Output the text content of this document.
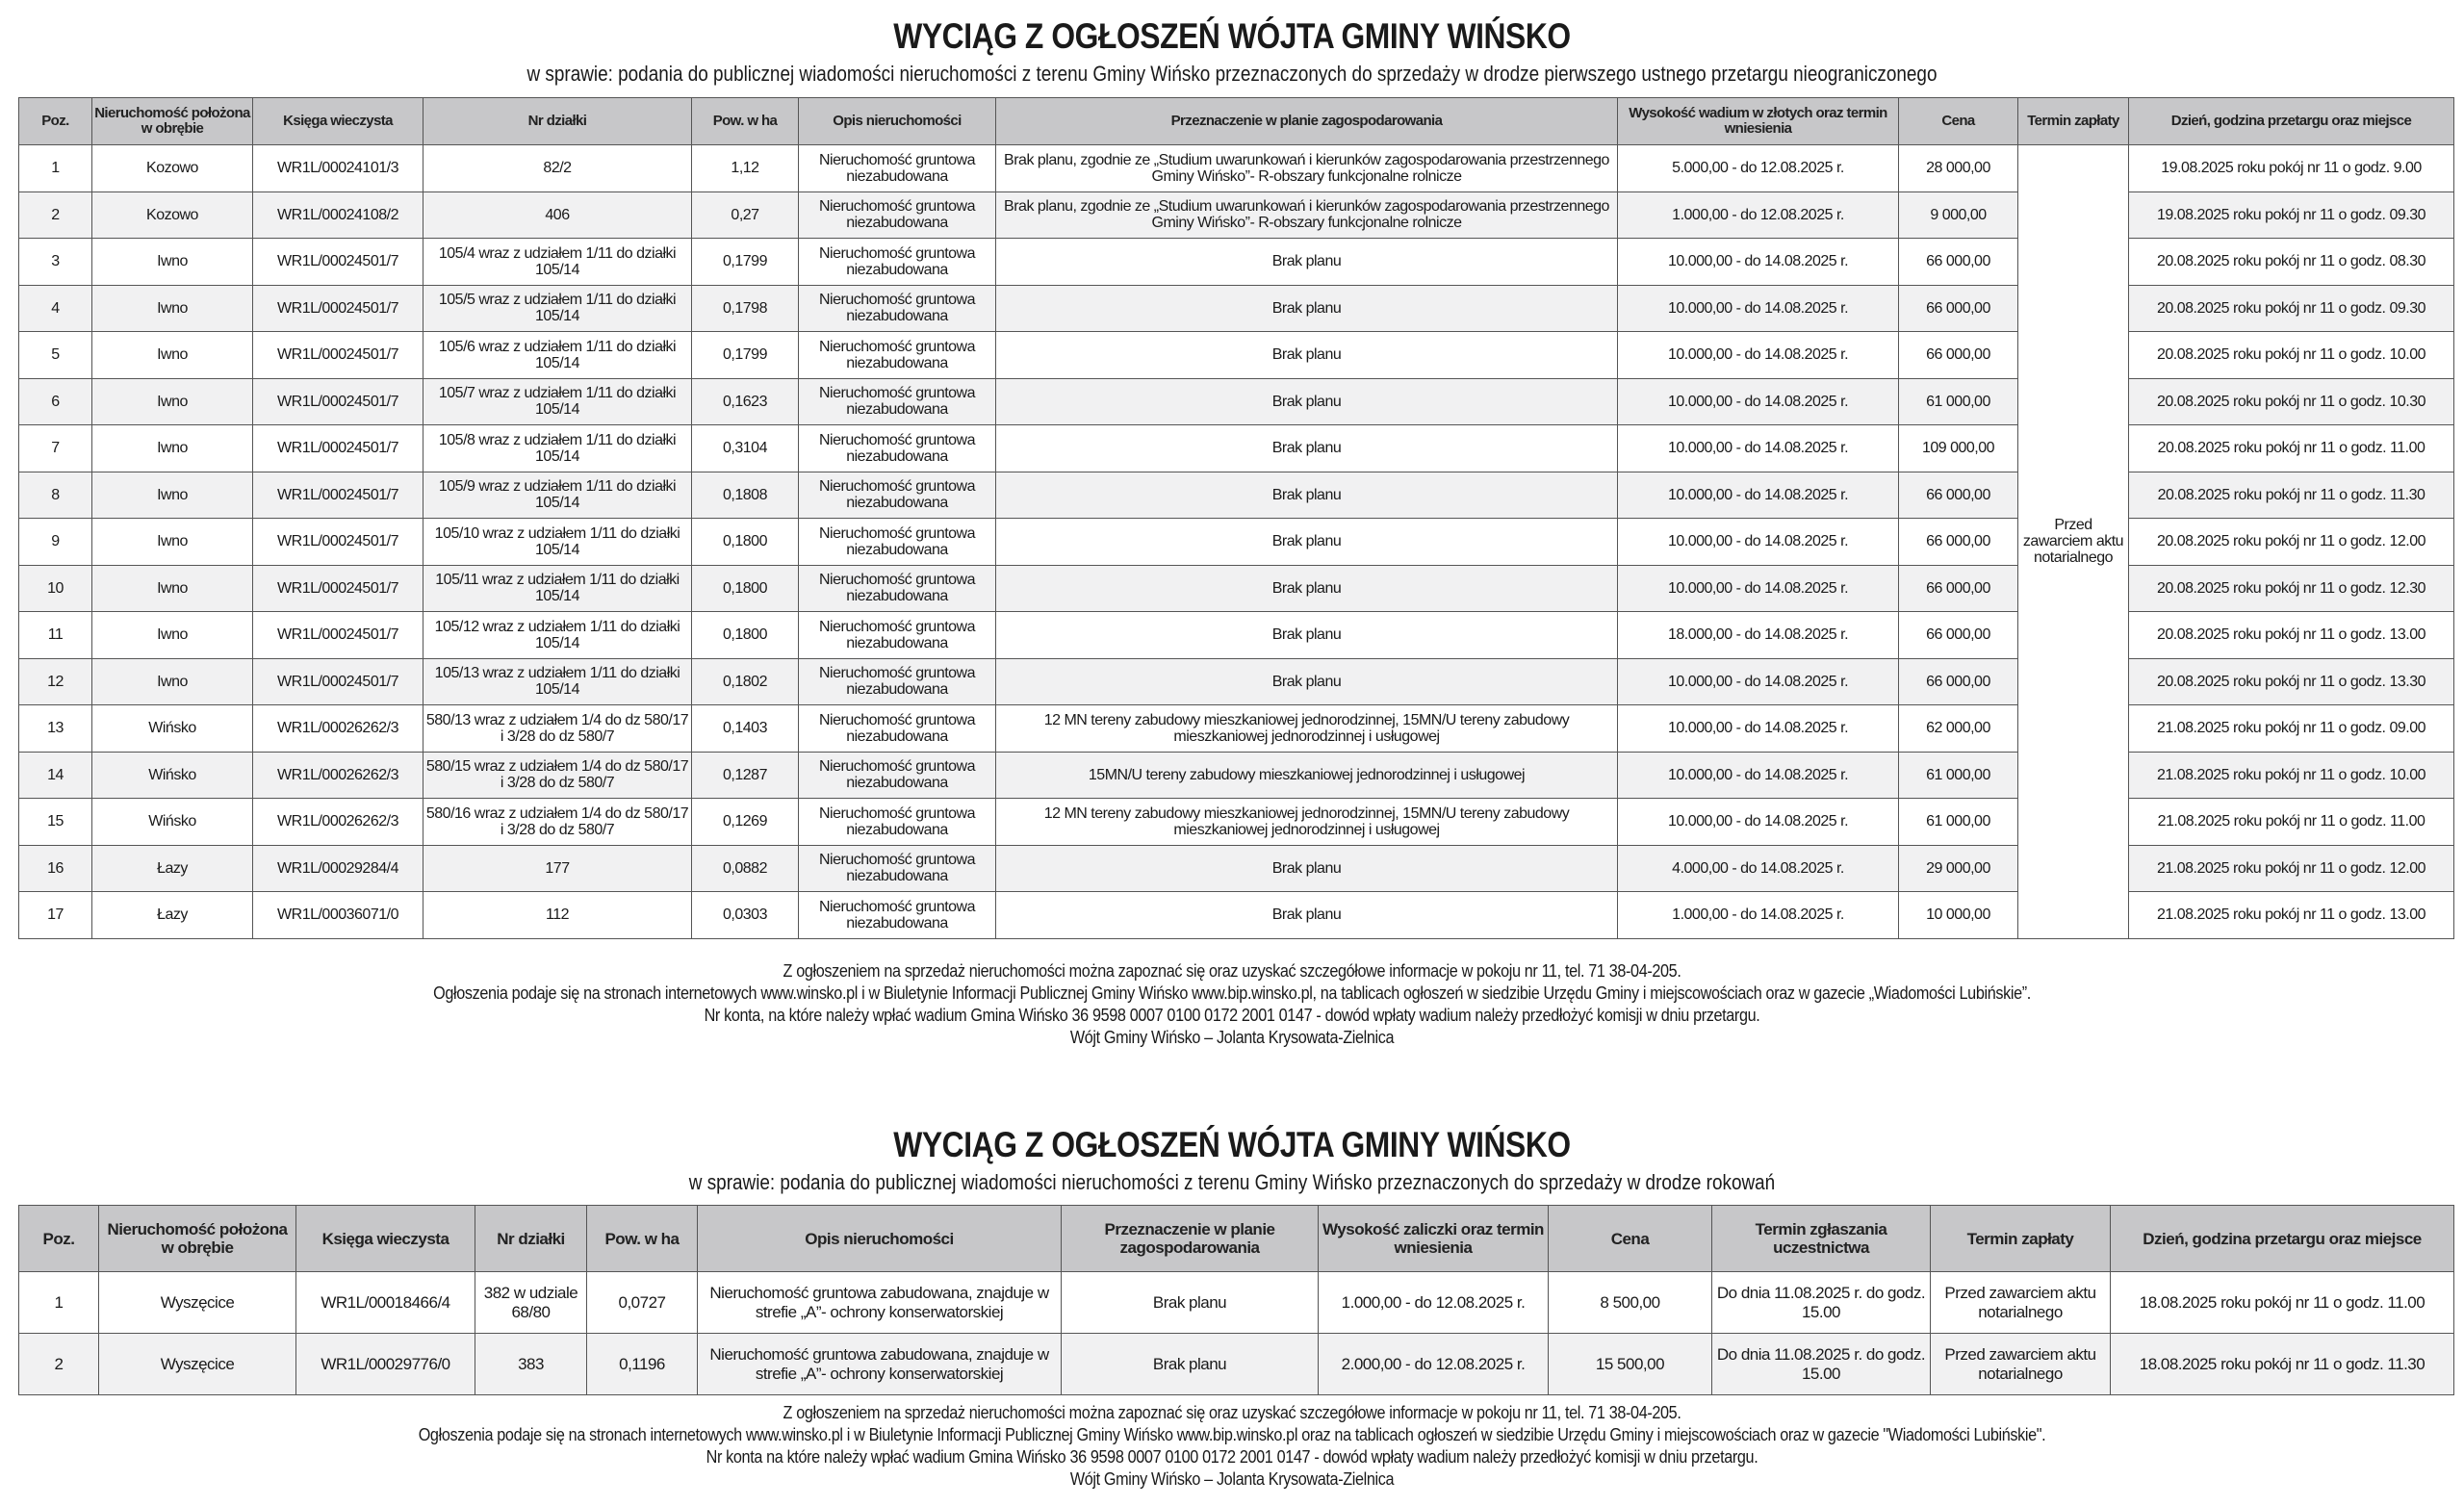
WYCIĄG Z OGŁOSZEŃ WÓJTA GMINY WIŃSKO
w sprawie: podania do publicznej wiadomości nieruchomości z terenu Gminy Wińsko przeznaczonych do sprzedaży w drodze pierwszego ustnego przetargu nieograniczonego
Poz.	Nieruchomość położona w obrębie	Księga wieczysta	Nr działki	Pow. w ha	Opis nieruchomości	Przeznaczenie w planie zagospodarowania	Wysokość wadium w złotych oraz termin wniesienia	Cena	Termin zapłaty	Dzień, godzina przetargu oraz miejsce
1	Kozowo	WR1L/00024101/3	82/2	1,12	Nieruchomość gruntowa niezabudowana	Brak planu, zgodnie ze „Studium uwarunkowań i kierunków zagospodarowania przestrzennego Gminy Wińsko”- R-obszary funkcjonalne rolnicze	5.000,00 - do 12.08.2025 r.	28 000,00	Przed zawarciem aktu notarialnego	19.08.2025 roku pokój nr 11 o godz. 9.00
2	Kozowo	WR1L/00024108/2	406	0,27	Nieruchomość gruntowa niezabudowana	Brak planu, zgodnie ze „Studium uwarunkowań i kierunków zagospodarowania przestrzennego Gminy Wińsko”- R-obszary funkcjonalne rolnicze	1.000,00 - do 12.08.2025 r.	9 000,00		19.08.2025 roku pokój nr 11 o godz. 09.30
3	Iwno	WR1L/00024501/7	105/4 wraz z udziałem 1/11 do działki 105/14	0,1799	Nieruchomość gruntowa niezabudowana	Brak planu	10.000,00 - do 14.08.2025 r.	66 000,00		20.08.2025 roku pokój nr 11 o godz. 08.30
4	Iwno	WR1L/00024501/7	105/5 wraz z udziałem 1/11 do działki 105/14	0,1798	Nieruchomość gruntowa niezabudowana	Brak planu	10.000,00 - do 14.08.2025 r.	66 000,00		20.08.2025 roku pokój nr 11 o godz. 09.30
5	Iwno	WR1L/00024501/7	105/6 wraz z udziałem 1/11 do działki 105/14	0,1799	Nieruchomość gruntowa niezabudowana	Brak planu	10.000,00 - do 14.08.2025 r.	66 000,00		20.08.2025 roku pokój nr 11 o godz. 10.00
6	Iwno	WR1L/00024501/7	105/7 wraz z udziałem 1/11 do działki 105/14	0,1623	Nieruchomość gruntowa niezabudowana	Brak planu	10.000,00 - do 14.08.2025 r.	61 000,00		20.08.2025 roku pokój nr 11 o godz. 10.30
7	Iwno	WR1L/00024501/7	105/8 wraz z udziałem 1/11 do działki 105/14	0,3104	Nieruchomość gruntowa niezabudowana	Brak planu	10.000,00 - do 14.08.2025 r.	109 000,00		20.08.2025 roku pokój nr 11 o godz. 11.00
8	Iwno	WR1L/00024501/7	105/9 wraz z udziałem 1/11 do działki 105/14	0,1808	Nieruchomość gruntowa niezabudowana	Brak planu	10.000,00 - do 14.08.2025 r.	66 000,00		20.08.2025 roku pokój nr 11 o godz. 11.30
9	Iwno	WR1L/00024501/7	105/10 wraz z udziałem 1/11 do działki 105/14	0,1800	Nieruchomość gruntowa niezabudowana	Brak planu	10.000,00 - do 14.08.2025 r.	66 000,00		20.08.2025 roku pokój nr 11 o godz. 12.00
10	Iwno	WR1L/00024501/7	105/11 wraz z udziałem 1/11 do działki 105/14	0,1800	Nieruchomość gruntowa niezabudowana	Brak planu	10.000,00 - do 14.08.2025 r.	66 000,00		20.08.2025 roku pokój nr 11 o godz. 12.30
11	Iwno	WR1L/00024501/7	105/12 wraz z udziałem 1/11 do działki 105/14	0,1800	Nieruchomość gruntowa niezabudowana	Brak planu	18.000,00 - do 14.08.2025 r.	66 000,00		20.08.2025 roku pokój nr 11 o godz. 13.00
12	Iwno	WR1L/00024501/7	105/13 wraz z udziałem 1/11 do działki 105/14	0,1802	Nieruchomość gruntowa niezabudowana	Brak planu	10.000,00 - do 14.08.2025 r.	66 000,00		20.08.2025 roku pokój nr 11 o godz. 13.30
13	Wińsko	WR1L/00026262/3	580/13 wraz z udziałem 1/4 do dz 580/17 i 3/28 do dz 580/7	0,1403	Nieruchomość gruntowa niezabudowana	12 MN tereny zabudowy mieszkaniowej jednorodzinnej, 15MN/U tereny zabudowy mieszkaniowej jednorodzinnej i usługowej	10.000,00 - do 14.08.2025 r.	62 000,00		21.08.2025 roku pokój nr 11 o godz. 09.00
14	Wińsko	WR1L/00026262/3	580/15 wraz z udziałem 1/4 do dz 580/17 i 3/28 do dz 580/7	0,1287	Nieruchomość gruntowa niezabudowana	15MN/U tereny zabudowy mieszkaniowej jednorodzinnej i usługowej	10.000,00 - do 14.08.2025 r.	61 000,00		21.08.2025 roku pokój nr 11 o godz. 10.00
15	Wińsko	WR1L/00026262/3	580/16 wraz z udziałem 1/4 do dz 580/17 i 3/28 do dz 580/7	0,1269	Nieruchomość gruntowa niezabudowana	12 MN tereny zabudowy mieszkaniowej jednorodzinnej, 15MN/U tereny zabudowy mieszkaniowej jednorodzinnej i usługowej	10.000,00 - do 14.08.2025 r.	61 000,00		21.08.2025 roku pokój nr 11 o godz. 11.00
16	Łazy	WR1L/00029284/4	177	0,0882	Nieruchomość gruntowa niezabudowana	Brak planu	4.000,00 - do 14.08.2025 r.	29 000,00		21.08.2025 roku pokój nr 11 o godz. 12.00
17	Łazy	WR1L/00036071/0	112	0,0303	Nieruchomość gruntowa niezabudowana	Brak planu	1.000,00 - do 14.08.2025 r.	10 000,00		21.08.2025 roku pokój nr 11 o godz. 13.00
Z ogłoszeniem na sprzedaż nieruchomości można zapoznać się oraz uzyskać szczegółowe informacje w pokoju nr 11, tel. 71 38-04-205.
Ogłoszenia podaje się na stronach internetowych www.winsko.pl i w Biuletynie Informacji Publicznej Gminy Wińsko www.bip.winsko.pl, na tablicach ogłoszeń w siedzibie Urzędu Gminy i miejscowościach oraz w gazecie „Wiadomości Lubińskie”.
Nr konta, na które należy wpłać wadium Gmina Wińsko 36 9598 0007 0100 0172 2001 0147 - dowód wpłaty wadium należy przedłożyć komisji w dniu przetargu.
Wójt Gminy Wińsko – Jolanta Krysowata-Zielnica
WYCIĄG Z OGŁOSZEŃ WÓJTA GMINY WIŃSKO
w sprawie: podania do publicznej wiadomości nieruchomości z terenu Gminy Wińsko przeznaczonych do sprzedaży w drodze rokowań
Poz.	Nieruchomość położona w obrębie	Księga wieczysta	Nr działki	Pow. w ha	Opis nieruchomości	Przeznaczenie w planie zagospodarowania	Wysokość zaliczki oraz termin wniesienia	Cena	Termin zgłaszania uczestnictwa	Termin zapłaty	Dzień, godzina przetargu oraz miejsce
1	Wyszęcice	WR1L/00018466/4	382 w udziale 68/80	0,0727	Nieruchomość gruntowa zabudowana, znajduje w strefie „A”- ochrony konserwatorskiej	Brak planu	1.000,00 - do 12.08.2025 r.	8 500,00	Do dnia 11.08.2025 r. do godz. 15.00	Przed zawarciem aktu notarialnego	18.08.2025 roku pokój nr 11 o godz. 11.00
2	Wyszęcice	WR1L/00029776/0	383	0,1196	Nieruchomość gruntowa zabudowana, znajduje w strefie „A”- ochrony konserwatorskiej	Brak planu	2.000,00 - do 12.08.2025 r.	15 500,00	Do dnia 11.08.2025 r. do godz. 15.00	Przed zawarciem aktu notarialnego	18.08.2025 roku pokój nr 11 o godz. 11.30
Z ogłoszeniem na sprzedaż nieruchomości można zapoznać się oraz uzyskać szczegółowe informacje w pokoju nr 11, tel. 71 38-04-205.
Ogłoszenia podaje się na stronach internetowych www.winsko.pl i w Biuletynie Informacji Publicznej Gminy Wińsko www.bip.winsko.pl oraz na tablicach ogłoszeń w siedzibie Urzędu Gminy i miejscowościach oraz w gazecie "Wiadomości Lubińskie".
Nr konta na które należy wpłać wadium Gmina Wińsko 36 9598 0007 0100 0172 2001 0147 - dowód wpłaty wadium należy przedłożyć komisji w dniu przetargu.
Wójt Gminy Wińsko – Jolanta Krysowata-Zielnica
